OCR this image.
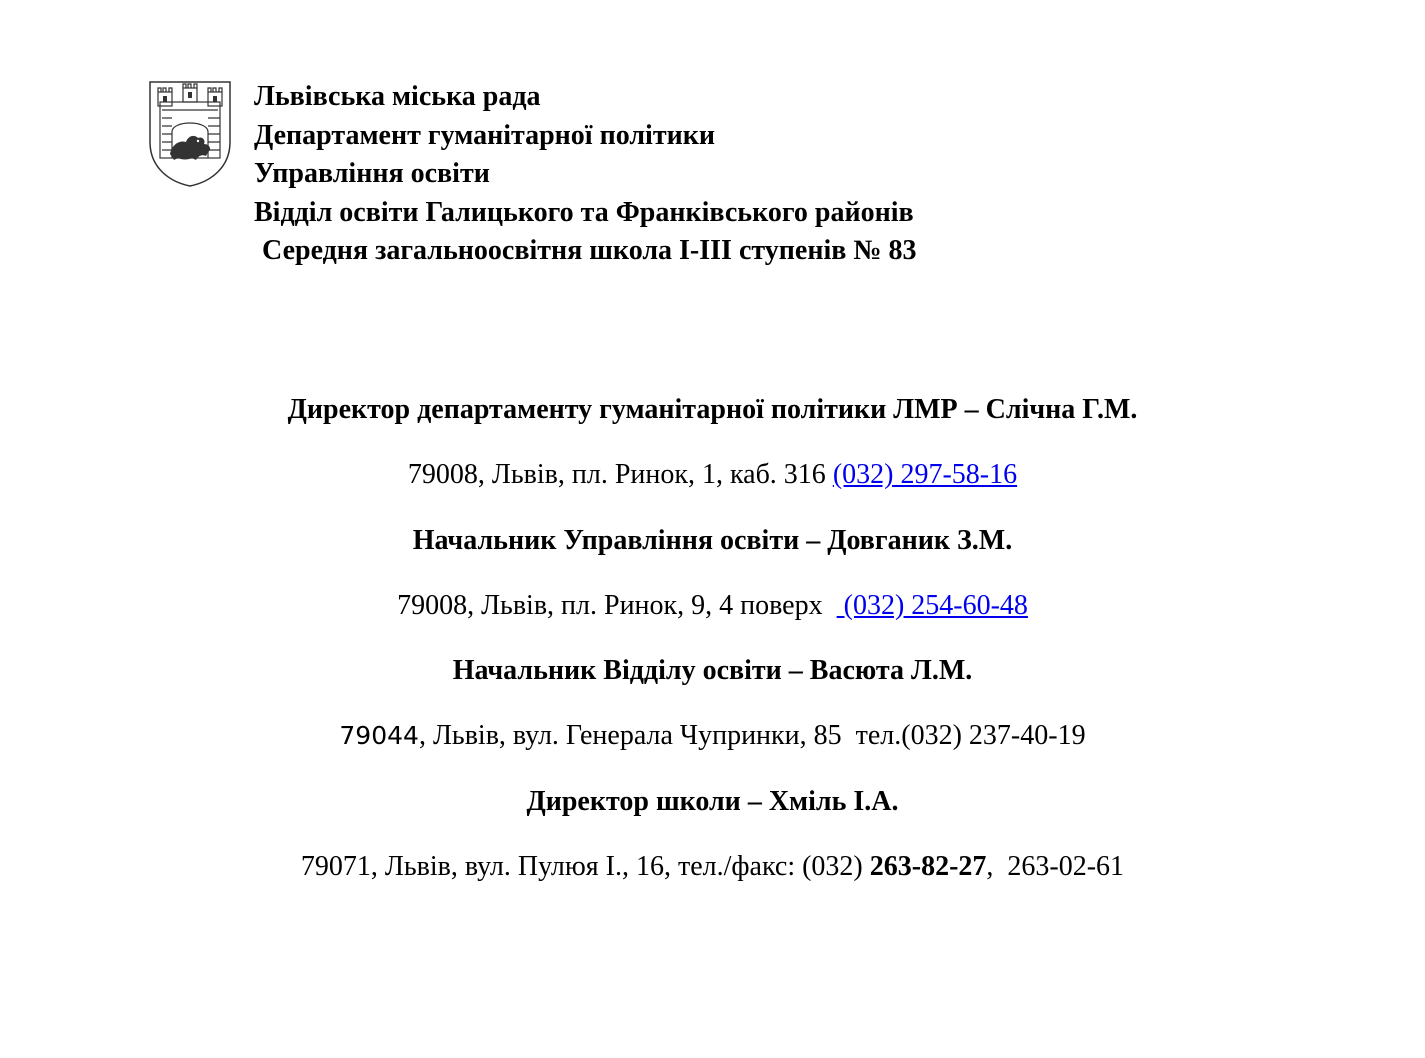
Львівська міська рада
Департамент гуманітарної політики
Управління освіти
Відділ освіти Галицького та Франківського районів
Середня загальноосвітня школа I-III ступенів № 83
Директор департаменту гуманітарної політики ЛМР – Слічна Г.М.
79008, Львів, пл. Ринок, 1, каб. 316 (032) 297-58-16
Начальник Управління освіти – Довганик З.М.
79008, Львів, пл. Ринок, 9, 4 поверх   (032) 254-60-48
Начальник Відділу освіти – Васюта Л.М.
79044, Львів, вул. Генерала Чупринки, 85  тел.(032) 237-40-19
Директор школи – Хміль І.А.
79071, Львів, вул. Пулюя І., 16, тел./факс: (032) 263-82-27,  263-02-61
